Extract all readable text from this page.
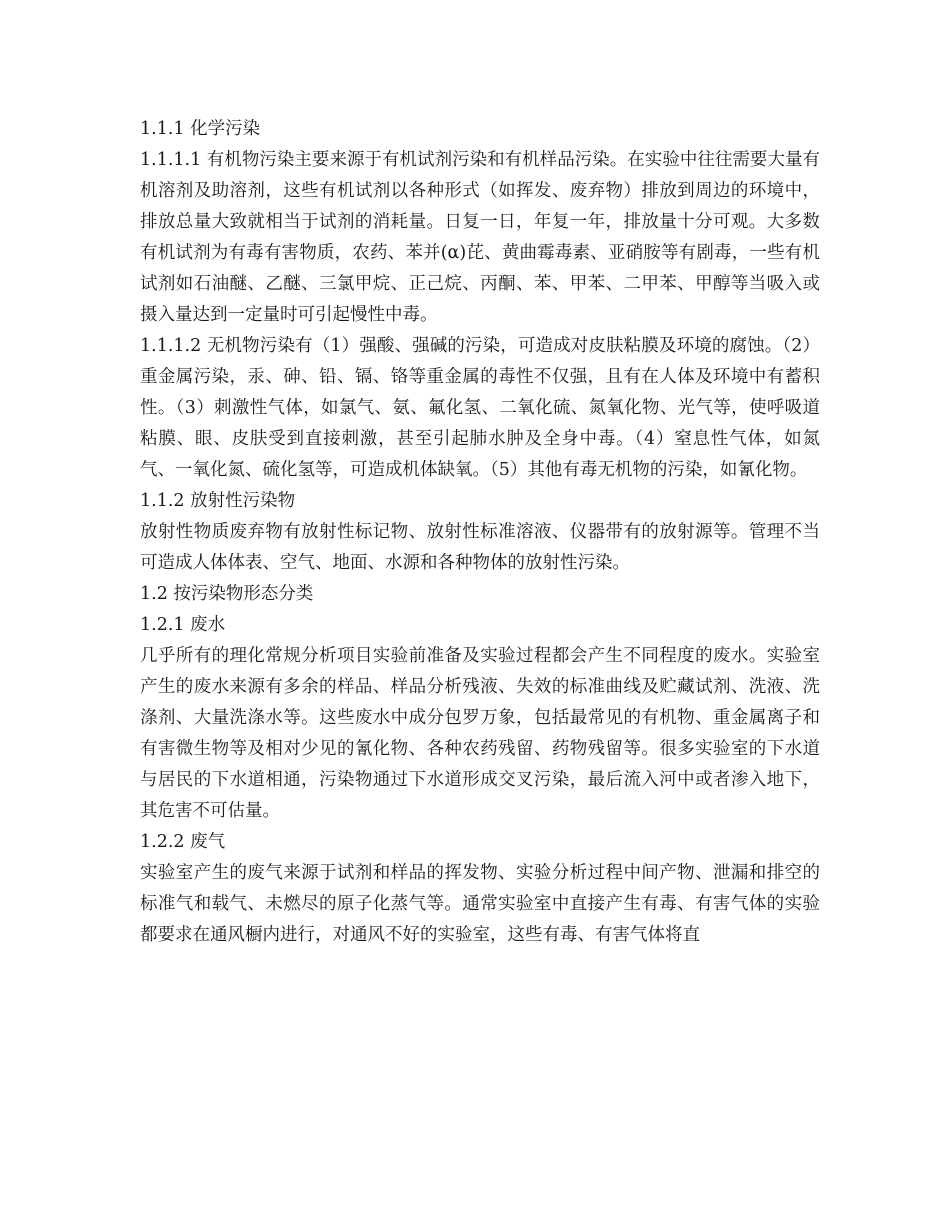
1.1.1 化学污染
1.1.1.1 有机物污染主要来源于有机试剂污染和有机样品污染。在实验中往往需要大量有机溶剂及助溶剂，这些有机试剂以各种形式（如挥发、废弃物）排放到周边的环境中，排放总量大致就相当于试剂的消耗量。日复一日，年复一年，排放量十分可观。大多数有机试剂为有毒有害物质，农药、苯并(α)芘、黄曲霉毒素、亚硝胺等有剧毒，一些有机试剂如石油醚、乙醚、三氯甲烷、正己烷、丙酮、苯、甲苯、二甲苯、甲醇等当吸入或摄入量达到一定量时可引起慢性中毒。
1.1.1.2 无机物污染有（1）强酸、强碱的污染，可造成对皮肤粘膜及环境的腐蚀。（2）重金属污染，汞、砷、铅、镉、铬等重金属的毒性不仅强，且有在人体及环境中有蓄积性。（3）刺激性气体，如氯气、氨、氟化氢、二氧化硫、氮氧化物、光气等，使呼吸道粘膜、眼、皮肤受到直接刺激，甚至引起肺水肿及全身中毒。（4）窒息性气体，如氮气、一氧化氮、硫化氢等，可造成机体缺氧。（5）其他有毒无机物的污染，如氰化物。
1.1.2 放射性污染物
放射性物质废弃物有放射性标记物、放射性标准溶液、仪器带有的放射源等。管理不当可造成人体体表、空气、地面、水源和各种物体的放射性污染。
1.2 按污染物形态分类
1.2.1 废水
几乎所有的理化常规分析项目实验前准备及实验过程都会产生不同程度的废水。实验室产生的废水来源有多余的样品、样品分析残液、失效的标准曲线及贮藏试剂、洗液、洗涤剂、大量洗涤水等。这些废水中成分包罗万象，包括最常见的有机物、重金属离子和有害微生物等及相对少见的氰化物、各种农药残留、药物残留等。很多实验室的下水道与居民的下水道相通，污染物通过下水道形成交叉污染，最后流入河中或者渗入地下，其危害不可估量。
1.2.2 废气
实验室产生的废气来源于试剂和样品的挥发物、实验分析过程中间产物、泄漏和排空的标准气和载气、未燃尽的原子化蒸气等。通常实验室中直接产生有毒、有害气体的实验都要求在通风橱内进行，对通风不好的实验室，这些有毒、有害气体将直
